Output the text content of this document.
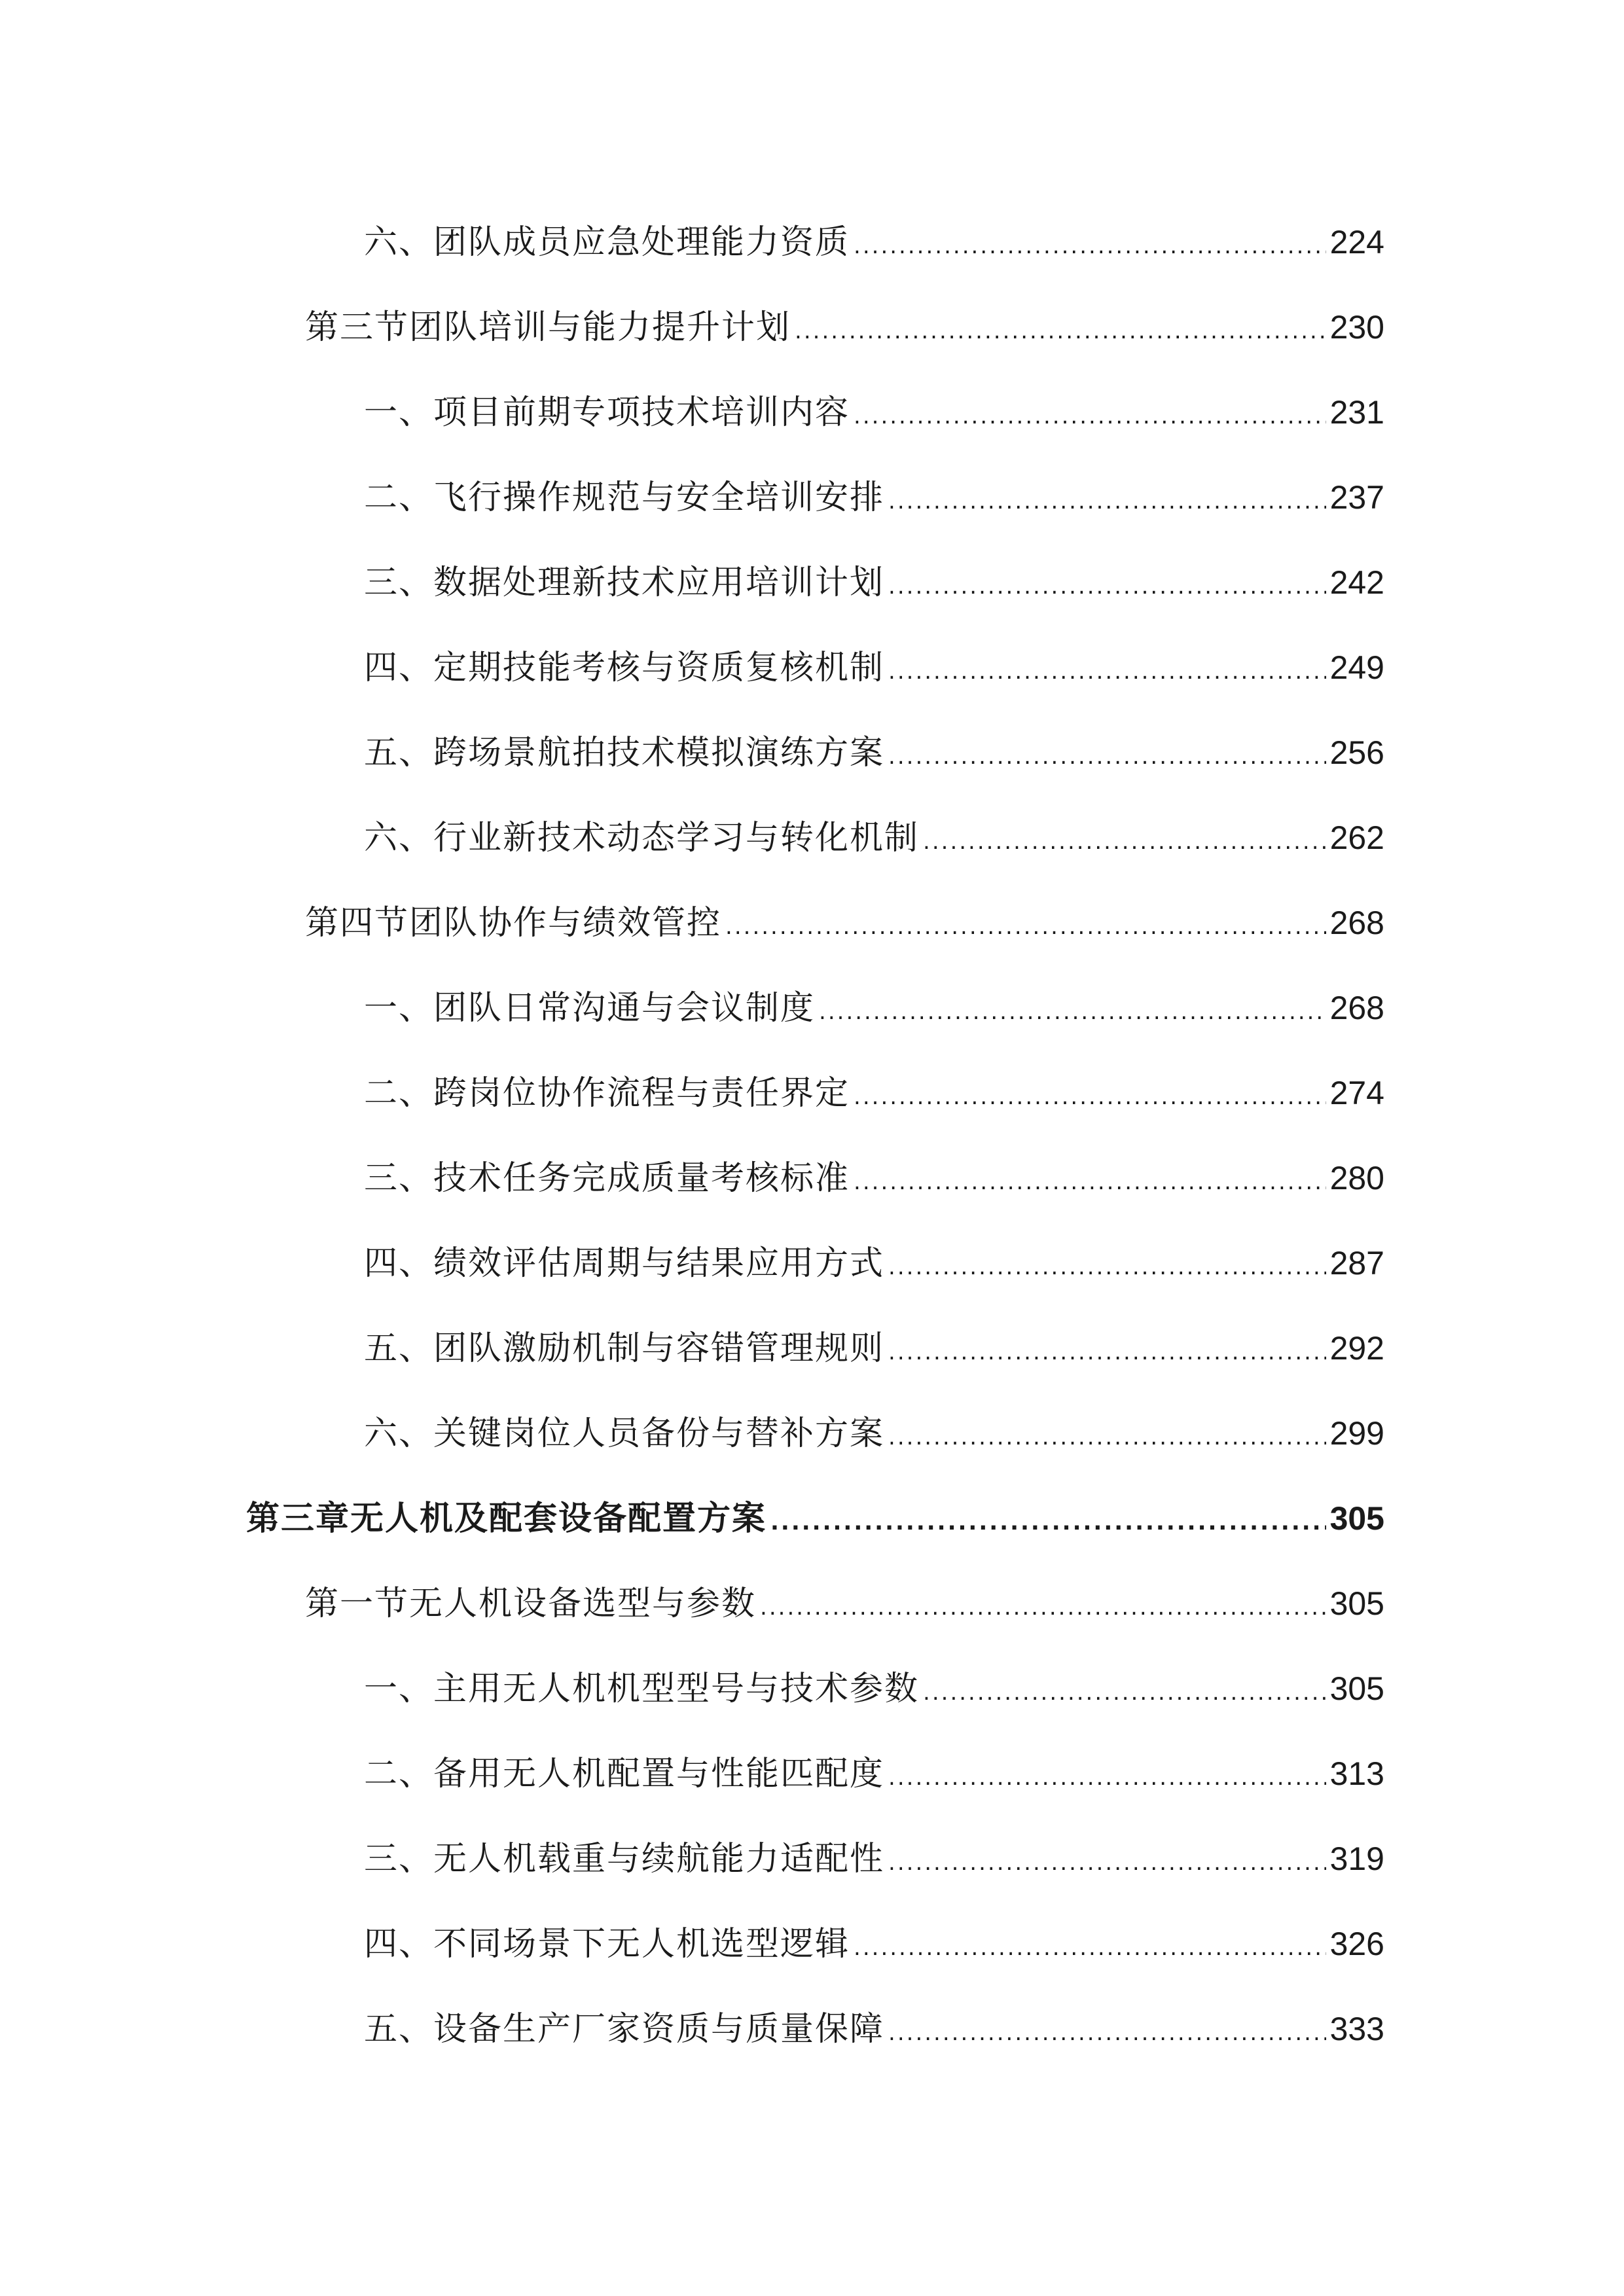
六、团队成员应急处理能力资质 .....	224
第三节团队培训与能力提升计划 .....	230
一、项目前期专项技术培训内容 .....	231
二、飞行操作规范与安全培训安排 .....	237
三、数据处理新技术应用培训计划 .....	242
四、定期技能考核与资质复核机制 .....	249
五、跨场景航拍技术模拟演练方案 .....	256
六、行业新技术动态学习与转化机制 .....	262
第四节团队协作与绩效管控 .....	268
一、团队日常沟通与会议制度 .....	268
二、跨岗位协作流程与责任界定 .....	274
三、技术任务完成质量考核标准 .....	280
四、绩效评估周期与结果应用方式 .....	287
五、团队激励机制与容错管理规则 .....	292
六、关键岗位人员备份与替补方案 .....	299
第三章无人机及配套设备配置方案 .....	305
第一节无人机设备选型与参数 .....	305
一、主用无人机机型型号与技术参数 .....	305
二、备用无人机配置与性能匹配度 .....	313
三、无人机载重与续航能力适配性 .....	319
四、不同场景下无人机选型逻辑 .....	326
五、设备生产厂家资质与质量保障 .....	333
